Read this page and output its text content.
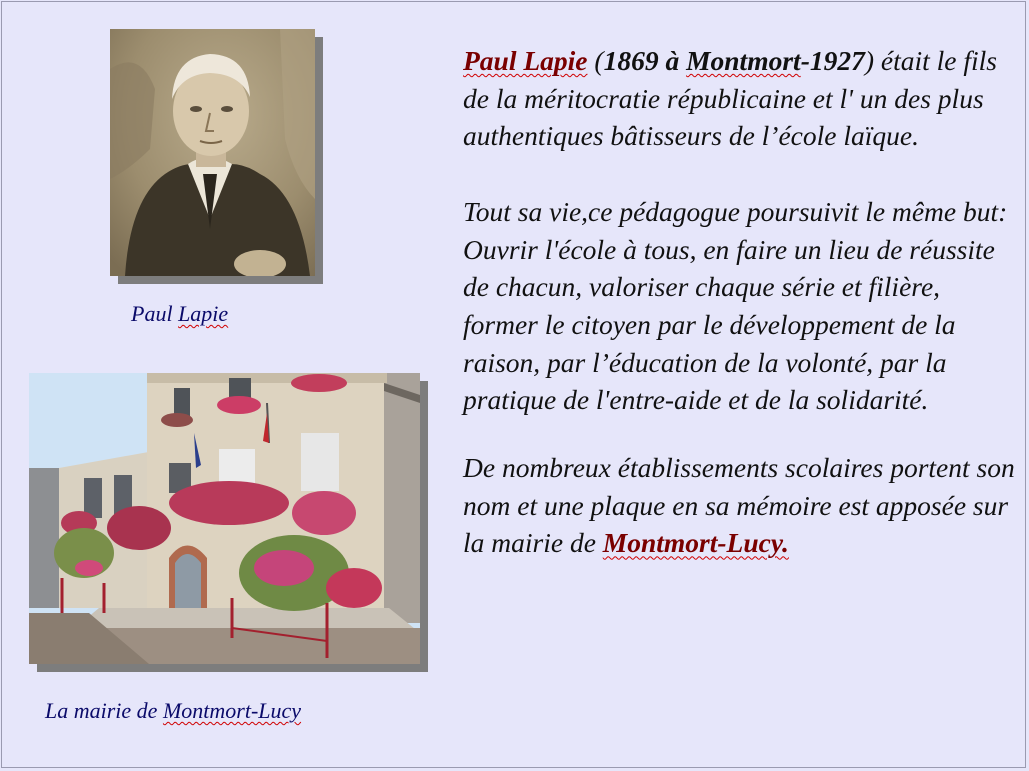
Paul Lapie
La mairie de Montmort-Lucy

Paul Lapie (1869 à Montmort-1927) était le fils de la méritocratie républicaine et l' un des plus authentiques bâtisseurs de l’école laïque.

Tout sa vie,ce pédagogue poursuivit le même but:

Ouvrir l'école à tous, en faire un lieu de réussite de chacun, valoriser chaque série et filière, former le citoyen par le développement de la raison, par l’éducation de la volonté, par la pratique de l'entre-aide et de la solidarité.

De nombreux établissements scolaires portent son nom et une plaque en sa mémoire est apposée sur la mairie de Montmort-Lucy.
